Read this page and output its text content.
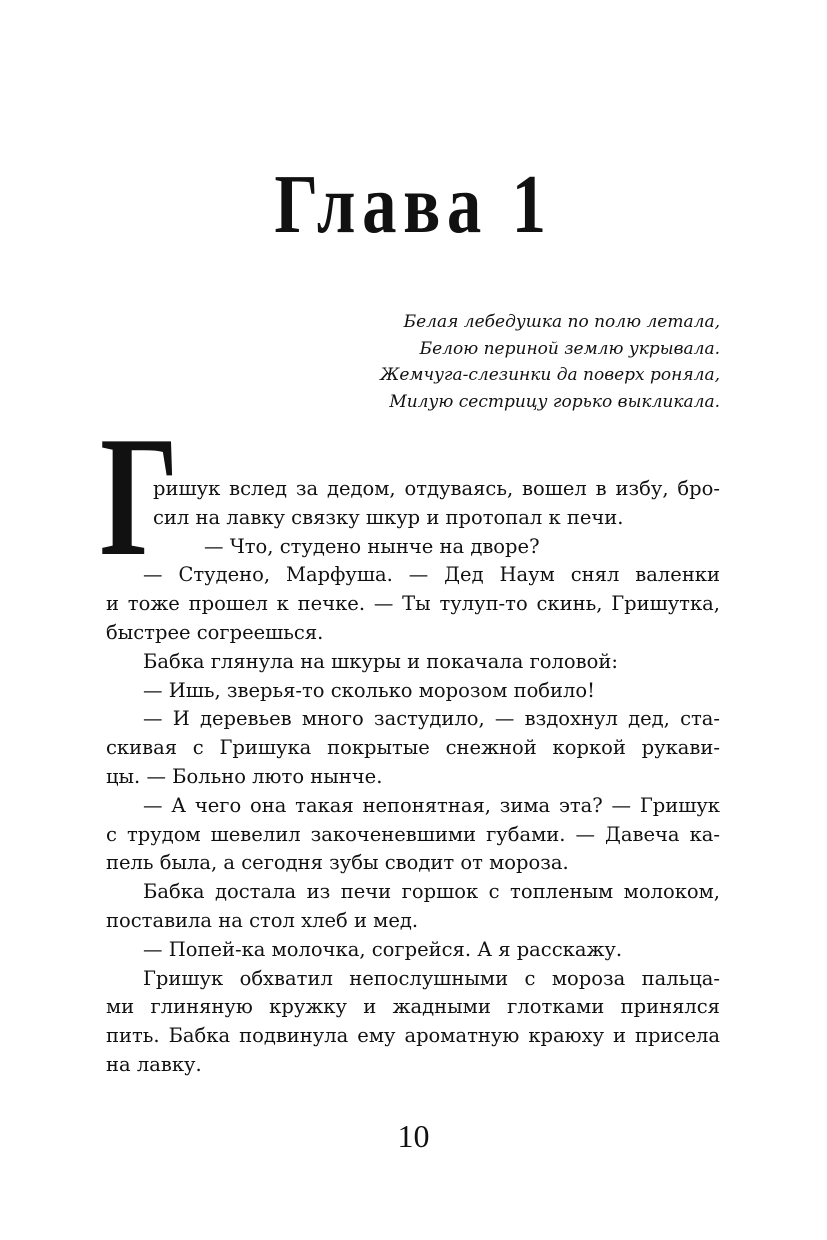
Глава 1
Белая лебедушка по полю летала,
Белою периной землю укрывала.
Жемчуга-слезинки да поверх роняла,
Милую сестрицу горько выкликала.
Г
ришук вслед за дедом, отдуваясь, вошел в избу, бро-
сил на лавку связку шкур и протопал к печи.
— Что, студено нынче на дворе?
— Студено, Марфуша. — Дед Наум снял валенки
и тоже прошел к печке. — Ты тулуп-то скинь, Гришутка,
быстрее согреешься.
Бабка глянула на шкуры и покачала головой:
— Ишь, зверья-то сколько морозом побило!
— И деревьев много застудило, — вздохнул дед, ста-
скивая с Гришука покрытые снежной коркой рукави-
цы. — Больно люто нынче.
— А чего она такая непонятная, зима эта? — Гришук
с трудом шевелил закоченевшими губами. — Давеча ка-
пель была, а сегодня зубы сводит от мороза.
Бабка достала из печи горшок с топленым молоком,
поставила на стол хлеб и мед.
— Попей-ка молочка, согрейся. А я расскажу.
Гришук обхватил непослушными с мороза пальца-
ми глиняную кружку и жадными глотками принялся
пить. Бабка подвинула ему ароматную краюху и присела
на лавку.
10
